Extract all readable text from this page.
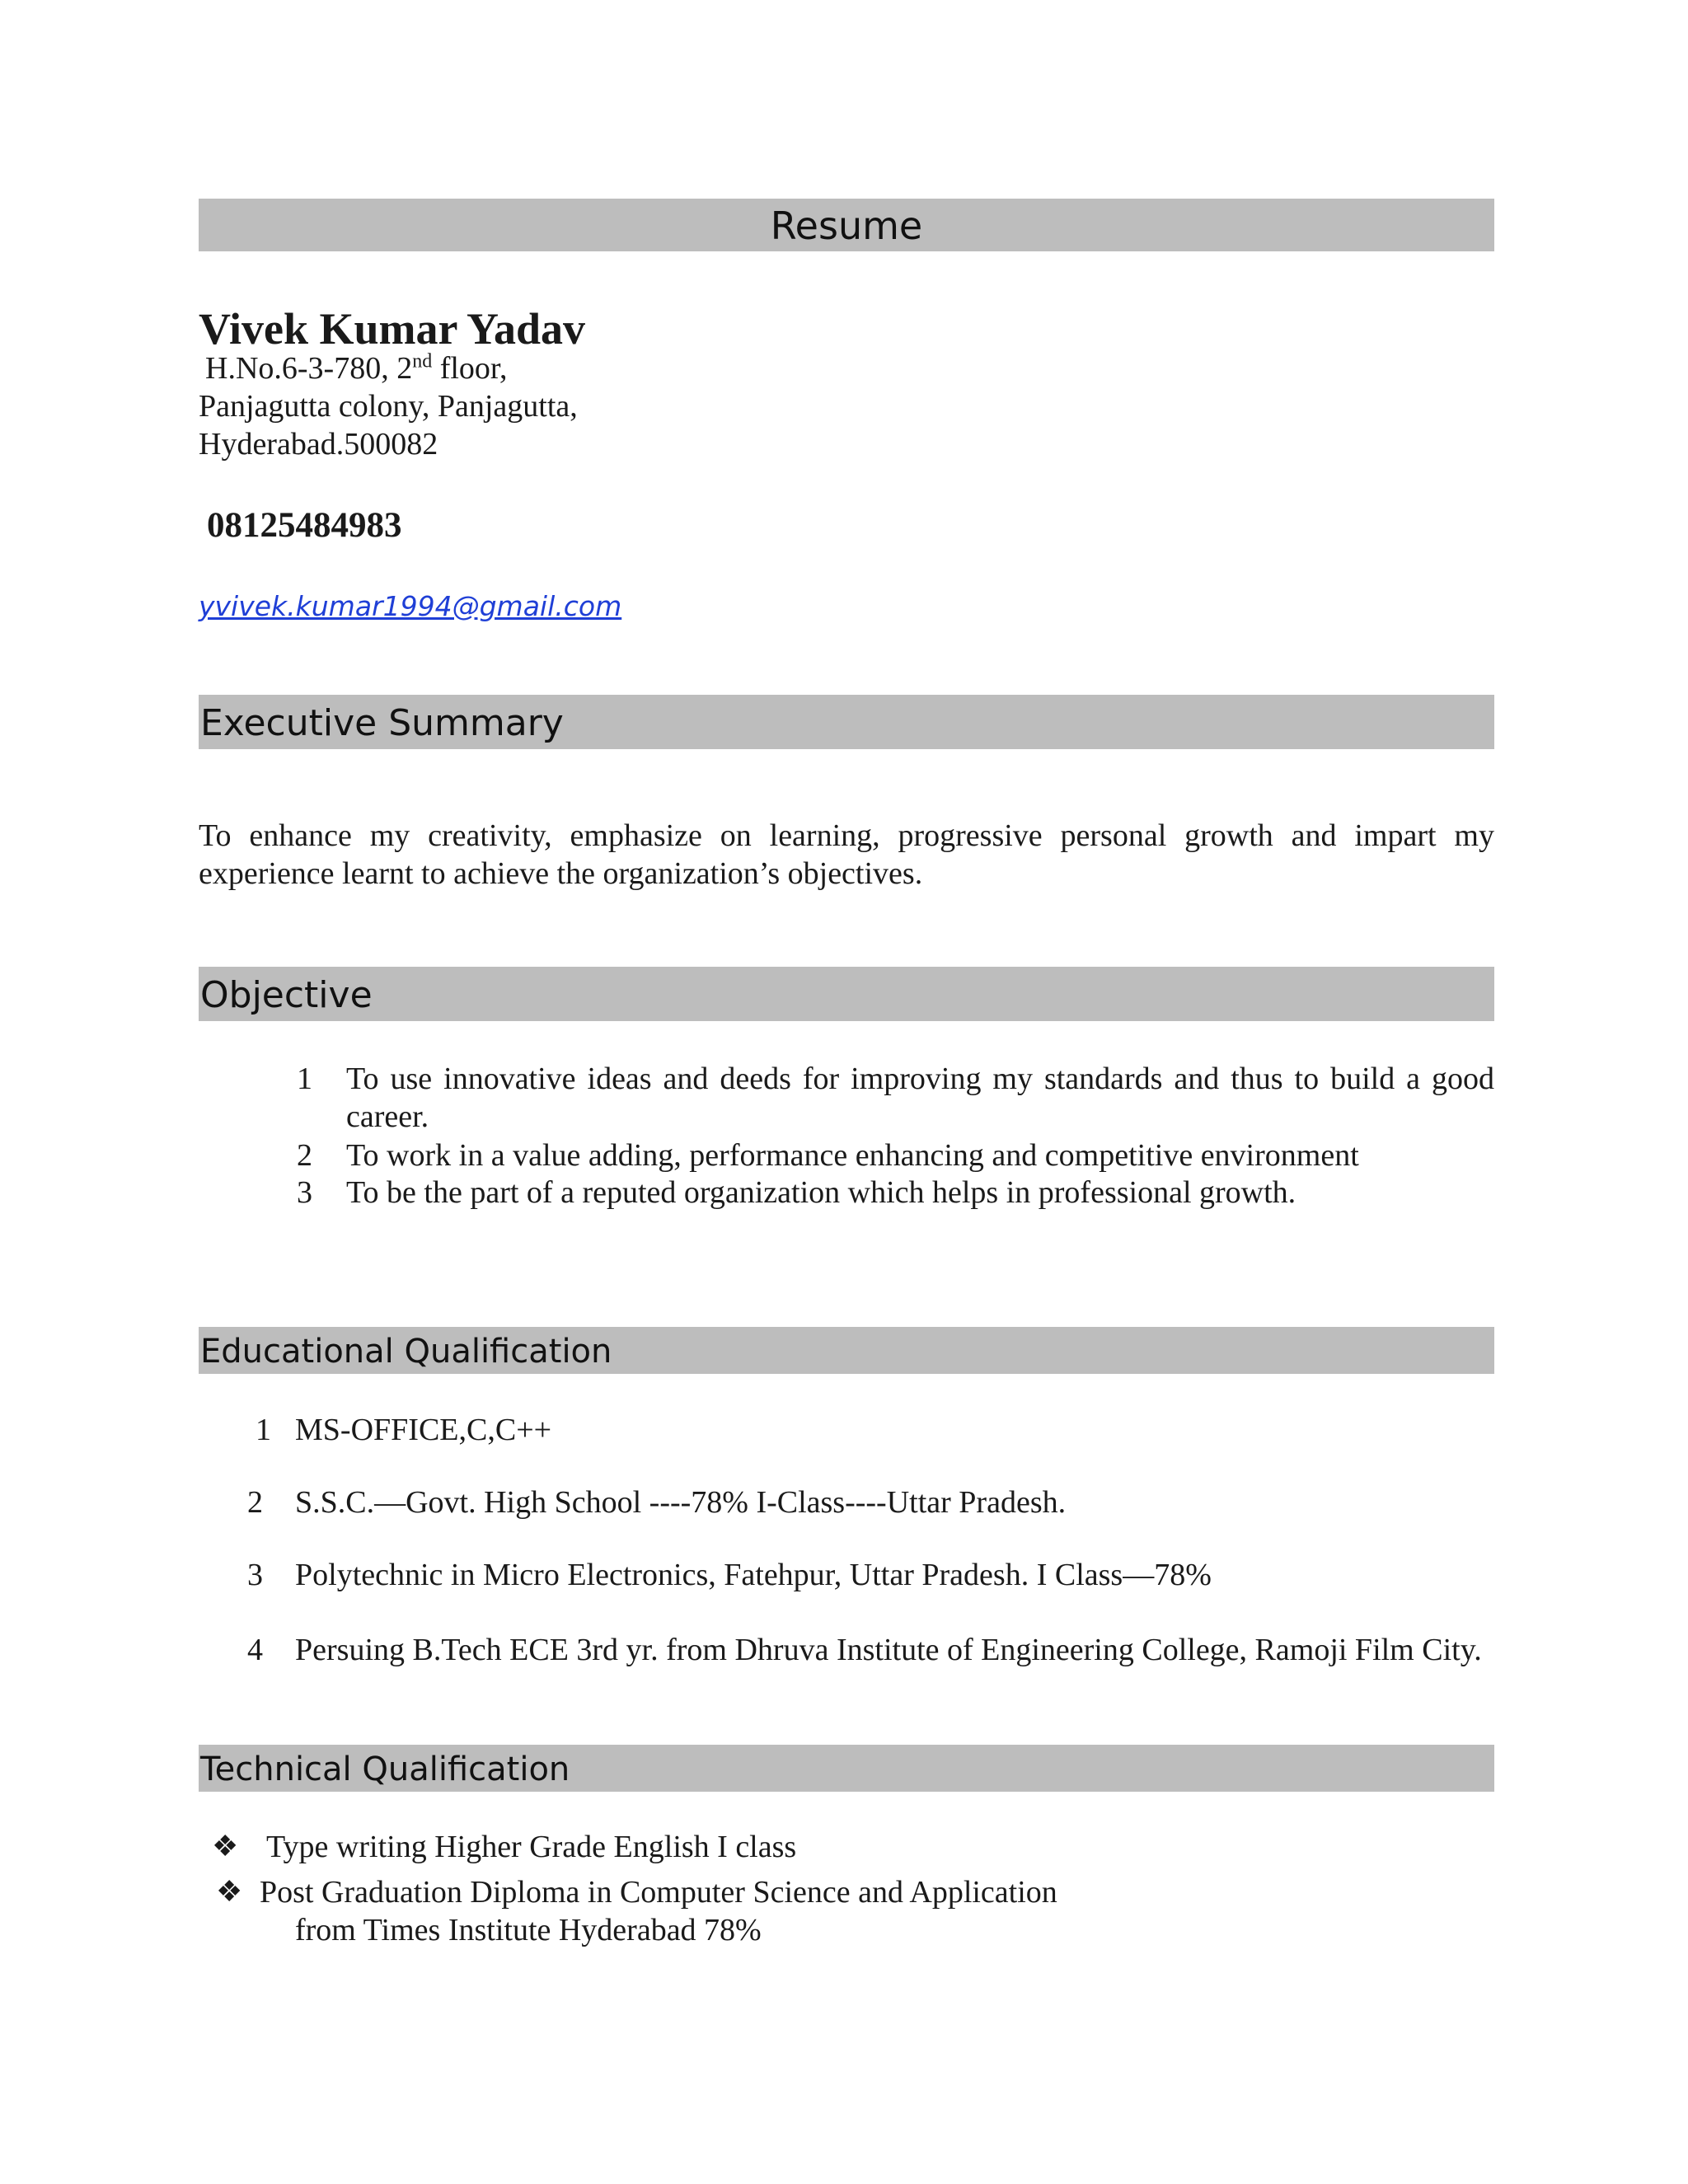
Resume
Vivek Kumar Yadav
H.No.6-3-780, 2nd floor,
Panjagutta colony, Panjagutta,
Hyderabad.500082
08125484983
yvivek.kumar1994@gmail.com
Executive Summary
To enhance my creativity, emphasize on learning, progressive personal growth and impart my experience learnt to achieve the organization’s objectives.
Objective
1 To use innovative ideas and deeds for improving my standards and thus to build a good career.
2 To work in a value adding, performance enhancing and competitive environment
3 To be the part of a reputed organization which helps in professional growth.
Educational Qualification
1 MS-OFFICE,C,C++
2 S.S.C.—Govt. High School ----78% I-Class----Uttar Pradesh.
3 Polytechnic in Micro Electronics, Fatehpur, Uttar Pradesh. I Class—78%
4 Persuing B.Tech ECE 3rd yr. from Dhruva Institute of Engineering College, Ramoji Film City.
Technical Qualification
❖ Type writing Higher Grade English I class
❖ Post Graduation Diploma in Computer Science and Application
from Times Institute Hyderabad 78%
